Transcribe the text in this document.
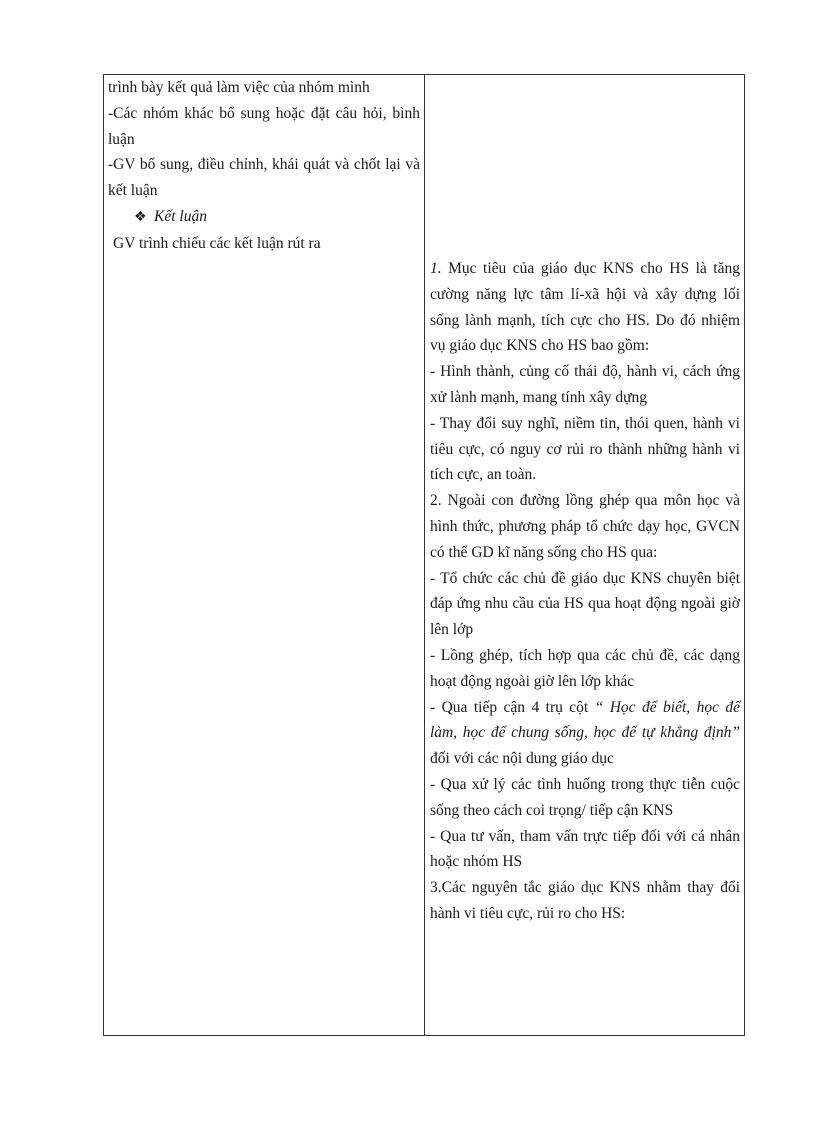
trình bày kết quả làm việc của nhóm mình

-Các nhóm khác bổ sung hoặc đặt câu hỏi, bình luận

-GV bổ sung, điều chỉnh, khái quát và chốt lại và kết luận

❖ Kết luận

GV trình chiếu các kết luận rút ra

1. Mục tiêu của giáo dục KNS cho HS là tăng cường năng lực tâm lí-xã hội và xây dựng lối sống lành mạnh, tích cực cho HS. Do đó nhiệm vụ giáo dục KNS cho HS bao gồm:

- Hình thành, củng cố thái độ, hành vi, cách ứng xử lành mạnh, mang tính xây dựng

- Thay đổi suy nghĩ, niềm tin, thói quen, hành vi tiêu cực, có nguy cơ rủi ro thành những hành vi tích cực, an toàn.

2. Ngoài con đường lồng ghép qua môn học và hình thức, phương pháp tổ chức dạy học, GVCN có thể GD kĩ năng sống cho HS qua:

- Tổ chức các chủ đề giáo dục KNS chuyên biệt đáp ứng nhu cầu của HS qua hoạt động ngoài giờ lên lớp

- Lồng ghép, tích hợp qua các chủ đề, các dạng hoạt động ngoài giờ lên lớp khác

- Qua tiếp cận 4 trụ cột “ Học để biết, học để làm, học để chung sống, học để tự khẳng định” đối với các nội dung giáo dục

- Qua xử lý các tình huống trong thực tiễn cuộc sống theo cách coi trọng/ tiếp cận KNS

- Qua tư vấn, tham vấn trực tiếp đối với cá nhân hoặc nhóm HS

3.Các nguyên tắc giáo dục KNS nhằm thay đổi hành vi tiêu cực, rủi ro cho HS:
